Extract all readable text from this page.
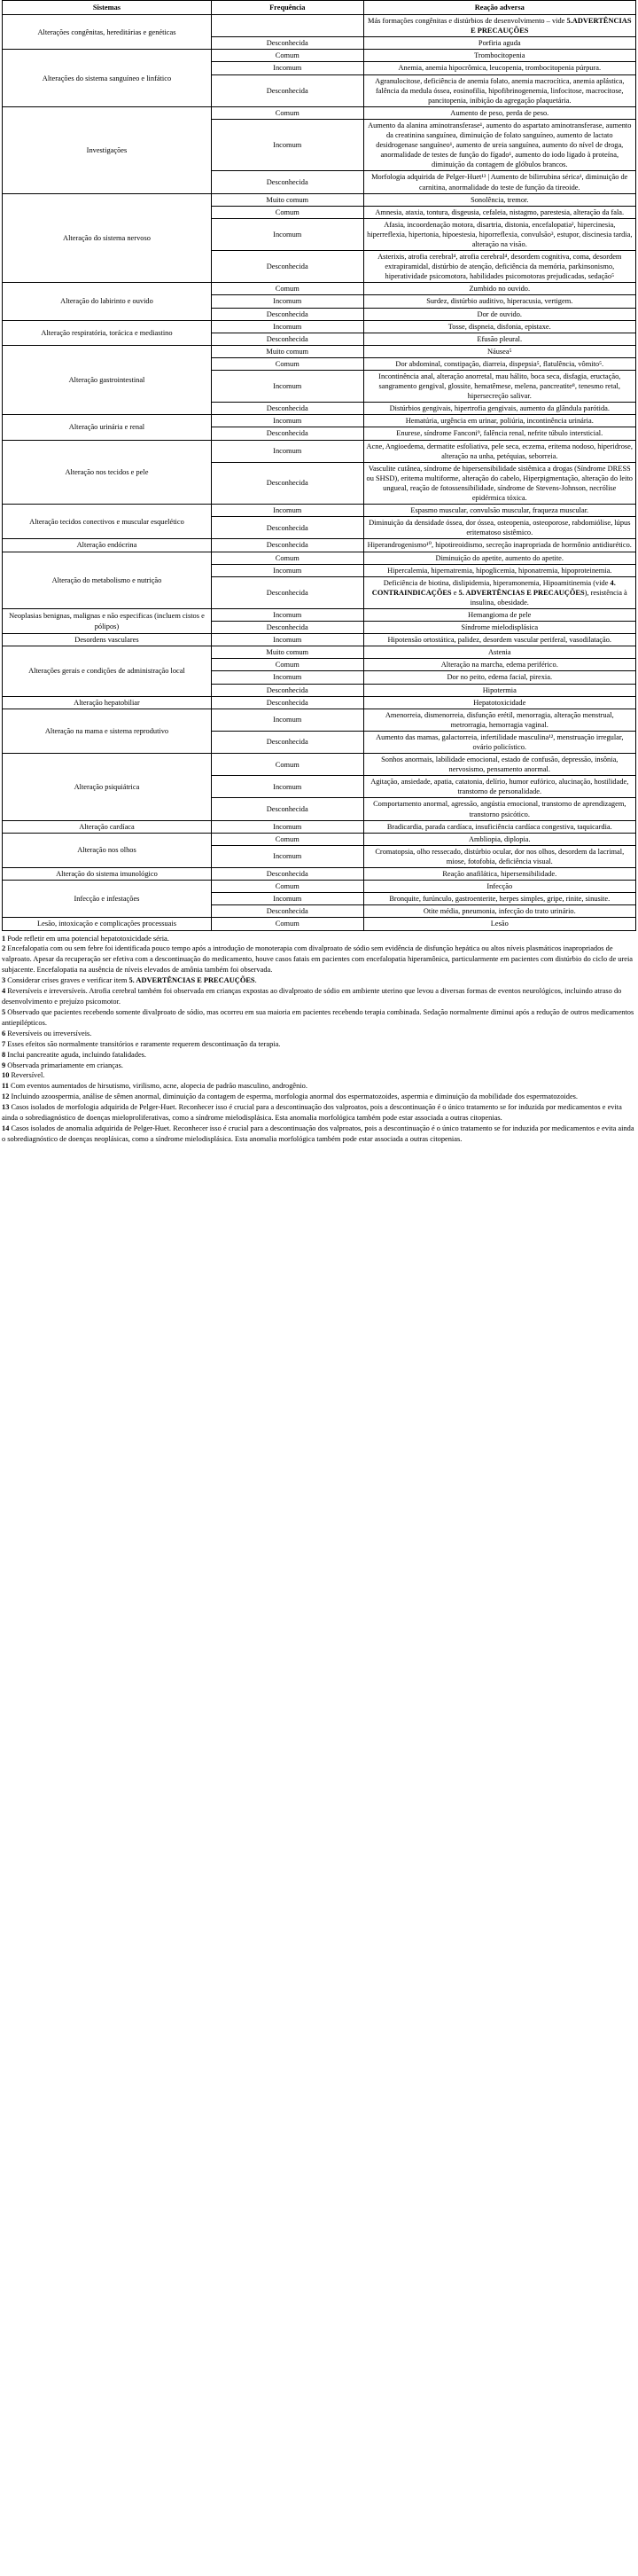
Sistemas	Frequência	Reação adversa
Alterações congênitas, hereditárias e genéticas		Más formações congênitas e distúrbios de desenvolvimento – vide 5.ADVERTÊNCIAS E PRECAUÇÕES
	Desconhecida	Porfiria aguda
Alterações do sistema sanguíneo e linfático	Comum	Trombocitopenia
	Incomum	Anemia, anemia hipocrômica, leucopenia, trombocitopenia púrpura.
	Desconhecida	Agranulocitose, deficiência de anemia folato, anemia macrocítica, anemia aplástica, falência da medula óssea, eosinofilia, hipofibrinogenemia, linfocitose, macrocitose, pancitopenia, inibição da agregação plaquetária.
Investigações	Comum	Aumento de peso, perda de peso.
	Incomum	Aumento da alanina aminotransferase¹, aumento do aspartato aminotransferase, aumento da creatinina sanguínea, diminuição de folato sanguíneo, aumento de lactato desidrogenase sanguíneo¹, aumento de ureia sanguínea, aumento do nível de droga, anormalidade de testes de função do fígado¹, aumento do iodo ligado à proteína, diminuição da contagem de glóbulos brancos.
	Desconhecida	Morfologia adquirida de Pelger-Huet¹³ | Aumento de bilirrubina sérica¹, diminuição de carnitina, anormalidade do teste de função da tireoide.
Alteração do sistema nervoso	Muito comum	Sonolência, tremor.
	Comum	Amnesia, ataxia, tontura, disgeusia, cefaleia, nistagmo, parestesia, alteração da fala.
	Incomum	Afasia, incoordenação motora, disartria, distonia, encefalopatia², hipercinesia, hiperreflexia, hipertonia, hipoestesia, hiporreflexia, convulsão³, estupor, discinesia tardia, alteração na visão.
	Desconhecida	Asterixis, atrofia cerebral⁴, atrofia cerebral⁴, desordem cognitiva, coma, desordem extrapiramidal, distúrbio de atenção, deficiência da memória, parkinsonismo, hiperatividade psicomotora, habilidades psicomotoras prejudicadas, sedação⁵
Alteração do labirinto e ouvido	Comum	Zumbido no ouvido.
	Incomum	Surdez, distúrbio auditivo, hiperacusia, vertigem.
	Desconhecida	Dor de ouvido.
Alteração respiratória, torácica e mediastino	Incomum	Tosse, dispneia, disfonia, epistaxe.
	Desconhecida	Efusão pleural.
Alteração gastrointestinal	Muito comum	Náusea⁵
	Comum	Dor abdominal, constipação, diarreia, dispepsia⁵, flatulência, vômito⁵.
	Incomum	Incontinência anal, alteração anorretal, mau hálito, boca seca, disfagia, eructação, sangramento gengival, glossite, hematêmese, melena, pancreatite⁸, tenesmo retal, hipersecreção salivar.
	Desconhecida	Distúrbios gengivais, hipertrofia gengivais, aumento da glândula parótida.
Alteração urinária e renal	Incomum	Hematúria, urgência em urinar, poliúria, incontinência urinária.
	Desconhecida	Enurese, síndrome Fanconi⁹, falência renal, nefrite túbulo intersticial.
Alteração nos tecidos e pele	Incomum	Acne, Angioedema, dermatite esfoliativa, pele seca, eczema, eritema nodoso, hiperidrose, alteração na unha, petéquias, seborreia.
	Desconhecida	Vasculite cutânea, síndrome de hipersensibilidade sistêmica a drogas (Síndrome DRESS ou SHSD), eritema multiforme, alteração do cabelo, Hiperpigmentação, alteração do leito ungueal, reação de fotossensibilidade, síndrome de Stevens-Johnson, necrólise epidérmica tóxica.
Alteração tecidos conectivos e muscular esquelético	Incomum	Espasmo muscular, convulsão muscular, fraqueza muscular.
	Desconhecida	Diminuição da densidade óssea, dor óssea, osteopenia, osteoporose, rabdomiólise, lúpus eritematoso sistêmico.
Alteração endócrina	Desconhecida	Hiperandrogenismo¹⁰, hipotireoidismo, secreção inapropriada de hormônio antidiurético.
Alteração do metabolismo e nutrição	Comum	Diminuição do apetite, aumento do apetite.
	Incomum	Hipercalemia, hipernatremia, hipoglicemia, hiponatremia, hipoproteinemia.
	Desconhecida	Deficiência de biotina, dislipidemia, hiperamonemia, Hipoamitinemia (vide 4. CONTRAINDICAÇÕES e 5. ADVERTÊNCIAS E PRECAUÇÕES), resistência à insulina, obesidade.
Neoplasias benignas, malignas e não especificas (incluem cistos e pólipos)	Incomum	Hemangioma de pele
	Desconhecida	Síndrome mielodisplásica
Desordens vasculares	Incomum	Hipotensão ortostática, palidez, desordem vascular periferal, vasodilatação.
Alterações gerais e condições de administração local	Muito comum	Astenia
	Comum	Alteração na marcha, edema periférico.
	Incomum	Dor no peito, edema facial, pirexia.
	Desconhecida	Hipotermia
Alteração hepatobiliar	Desconhecida	Hepatotoxicidade
Alteração na mama e sistema reprodutivo	Incomum	Amenorreia, dismenorreia, disfunção erétil, menorragia, alteração menstrual, metrorragia, hemorragia vaginal.
	Desconhecida	Aumento das mamas, galactorreia, infertilidade masculina¹², menstruação irregular, ovário policístico.
Alteração psiquiátrica	Comum	Sonhos anormais, labilidade emocional, estado de confusão, depressão, insônia, nervosismo, pensamento anormal.
	Incomum	Agitação, ansiedade, apatia, catatonia, delírio, humor eufórico, alucinação, hostilidade, transtorno de personalidade.
	Desconhecida	Comportamento anormal, agressão, angústia emocional, transtorno de aprendizagem, transtorno psicótico.
Alteração cardíaca	Incomum	Bradicardia, parada cardíaca, insuficiência cardíaca congestiva, taquicardia.
Alteração nos olhos	Comum	Ambliopia, diplopia.
	Incomum	Cromatopsia, olho ressecado, distúrbio ocular, dor nos olhos, desordem da lacrimal, miose, fotofobia, deficiência visual.
Alteração do sistema imunológico	Desconhecida	Reação anafilática, hipersensibilidade.
Infecção e infestações	Comum	Infecção
	Incomum	Bronquite, furúnculo, gastroenterite, herpes simples, gripe, rinite, sinusite.
	Desconhecida	Otite média, pneumonia, infecção do trato urinário.
Lesão, intoxicação e complicações processuais	Comum	Lesão

1 Pode refletir em uma potencial hepatotoxicidade séria.

2 Encefalopatia com ou sem febre foi identificada pouco tempo após a introdução de monoterapia com divalproato de sódio sem evidência de disfunção hepática ou altos níveis plasmáticos inapropriados de valproato. Apesar da recuperação ser efetiva com a descontinuação do medicamento, houve casos fatais em pacientes com encefalopatia hiperamônica, particularmente em pacientes com distúrbio do ciclo de ureia subjacente. Encefalopatia na ausência de níveis elevados de amônia também foi observada.

3 Considerar crises graves e verificar item 5. ADVERTÊNCIAS E PRECAUÇÕES.

4 Reversíveis e irreversíveis. Atrofia cerebral também foi observada em crianças expostas ao divalproato de sódio em ambiente uterino que levou a diversas formas de eventos neurológicos, incluindo atraso do desenvolvimento e prejuízo psicomotor.

5 Observado que pacientes recebendo somente divalproato de sódio, mas ocorreu em sua maioria em pacientes recebendo terapia combinada. Sedação normalmente diminui após a redução de outros medicamentos antiepilépticos.

6 Reversíveis ou irreversíveis.

7 Esses efeitos são normalmente transitórios e raramente requerem descontinuação da terapia.

8 Inclui pancreatite aguda, incluindo fatalidades.

9 Observada primariamente em crianças.

10 Reversível.

11 Com eventos aumentados de hirsutismo, virilismo, acne, alopecia de padrão masculino, androgênio.

12 Incluindo azoospermia, análise de sêmen anormal, diminuição da contagem de esperma, morfologia anormal dos espermatozoides, aspermia e diminuição da mobilidade dos espermatozoides.

13 Casos isolados de morfologia adquirida de Pelger-Huet. Reconhecer isso é crucial para a descontinuação dos valproatos, pois a descontinuação é o único tratamento se for induzida por medicamentos e evita ainda o sobrediagnóstico de doenças mieloproliferativas, como a síndrome mielodisplásica. Esta anomalia morfológica também pode estar associada a outras citopenias.

14 Casos isolados de anomalia adquirida de Pelger-Huet. Reconhecer isso é crucial para a descontinuação dos valproatos, pois a descontinuação é o único tratamento se for induzida por medicamentos e evita ainda o sobrediagnóstico de doenças neoplásicas, como a síndrome mielodisplásica. Esta anomalia morfológica também pode estar associada a outras citopenias.
